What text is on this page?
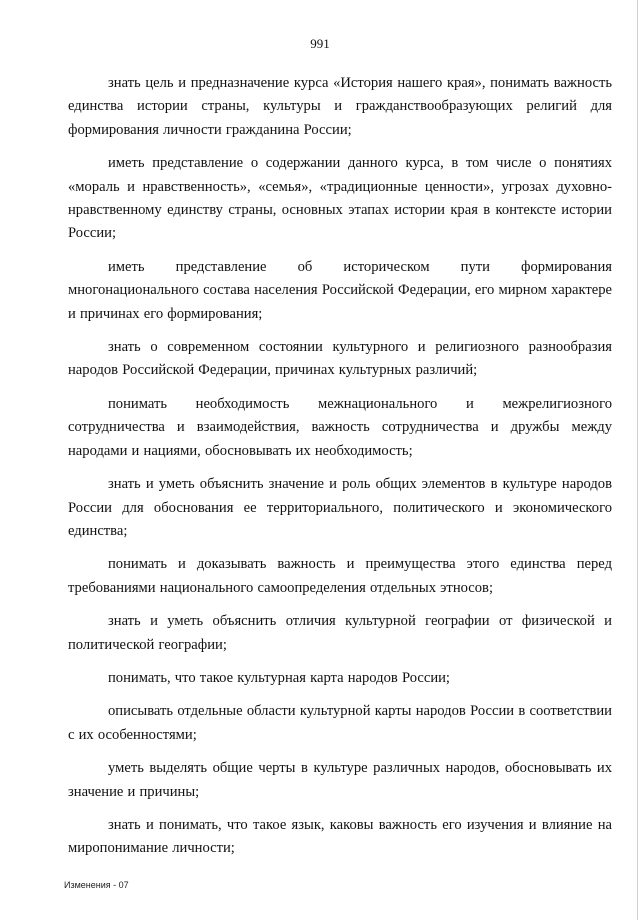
991

знать цель и предназначение курса «История нашего края», понимать важность единства истории страны, культуры и гражданствообразующих религий для формирования личности гражданина России;

иметь представление о содержании данного курса, в том числе о понятиях «мораль и нравственность», «семья», «традиционные ценности», угрозах духовно-нравственному единству страны, основных этапах истории края в контексте истории России;

иметь представление об историческом пути формирования многонационального состава населения Российской Федерации, его мирном характере и причинах его формирования;

знать о современном состоянии культурного и религиозного разнообразия народов Российской Федерации, причинах культурных различий;

понимать необходимость межнационального и межрелигиозного сотрудничества и взаимодействия, важность сотрудничества и дружбы между народами и нациями, обосновывать их необходимость;

знать и уметь объяснить значение и роль общих элементов в культуре народов России для обоснования ее территориального, политического и экономического единства;

понимать и доказывать важность и преимущества этого единства перед требованиями национального самоопределения отдельных этносов;

знать и уметь объяснить отличия культурной географии от физической и политической географии;

понимать, что такое культурная карта народов России;

описывать отдельные области культурной карты народов России в соответствии с их особенностями;

уметь выделять общие черты в культуре различных народов, обосновывать их значение и причины;

знать и понимать, что такое язык, каковы важность его изучения и влияние на миропонимание личности;

Изменения - 07
